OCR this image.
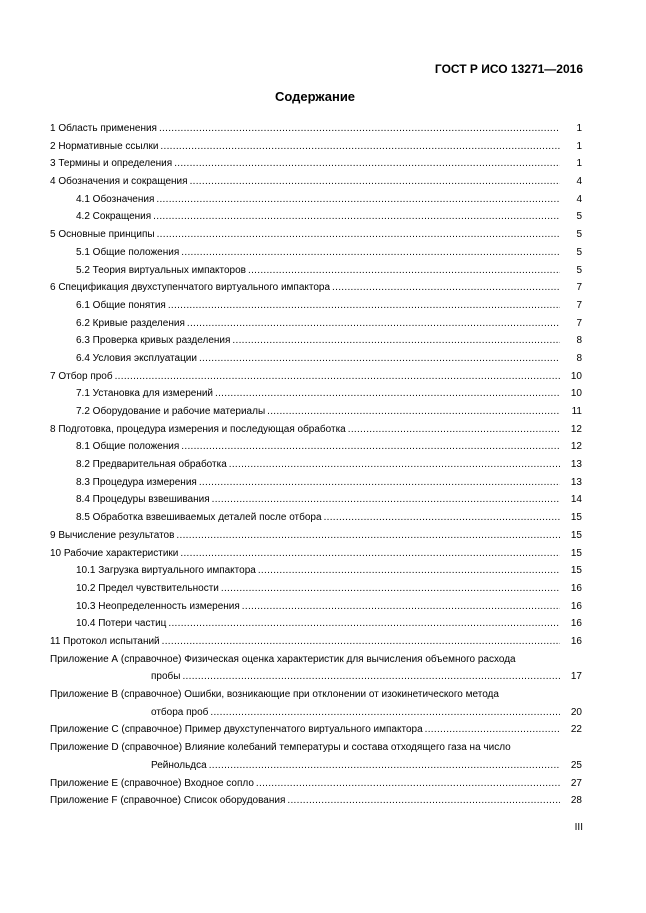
ГОСТ Р ИСО 13271—2016
Содержание
1 Область применения .....	1
2 Нормативные ссылки .....	1
3 Термины и определения .....	1
4 Обозначения и сокращения .....	4
4.1 Обозначения .....	4
4.2 Сокращения .....	5
5 Основные принципы .....	5
5.1 Общие положения .....	5
5.2 Теория виртуальных импакторов .....	5
6 Спецификация двухступенчатого виртуального импактора .....	7
6.1 Общие понятия .....	7
6.2 Кривые разделения .....	7
6.3 Проверка кривых разделения .....	8
6.4 Условия эксплуатации .....	8
7 Отбор проб .....	10
7.1 Установка для измерений .....	10
7.2 Оборудование и рабочие материалы .....	11
8 Подготовка, процедура измерения и последующая обработка .....	12
8.1 Общие положения .....	12
8.2 Предварительная обработка .....	13
8.3 Процедура измерения .....	13
8.4 Процедуры взвешивания .....	14
8.5 Обработка взвешиваемых деталей после отбора .....	15
9 Вычисление результатов .....	15
10 Рабочие характеристики .....	15
10.1 Загрузка виртуального импактора .....	15
10.2 Предел чувствительности .....	16
10.3 Неопределенность измерения .....	16
10.4 Потери частиц .....	16
11 Протокол испытаний .....	16
Приложение А (справочное) Физическая оценка характеристик для вычисления объемного расхода
пробы .....	17
Приложение В (справочное) Ошибки, возникающие при отклонении от изокинетического метода
отбора проб .....	20
Приложение С (справочное) Пример двухступенчатого виртуального импактора .....	22
Приложение D (справочное) Влияние колебаний температуры и состава отходящего газа на число
Рейнольдса .....	25
Приложение E (справочное) Входное сопло .....	27
Приложение F (справочное) Список оборудования .....	28
III
